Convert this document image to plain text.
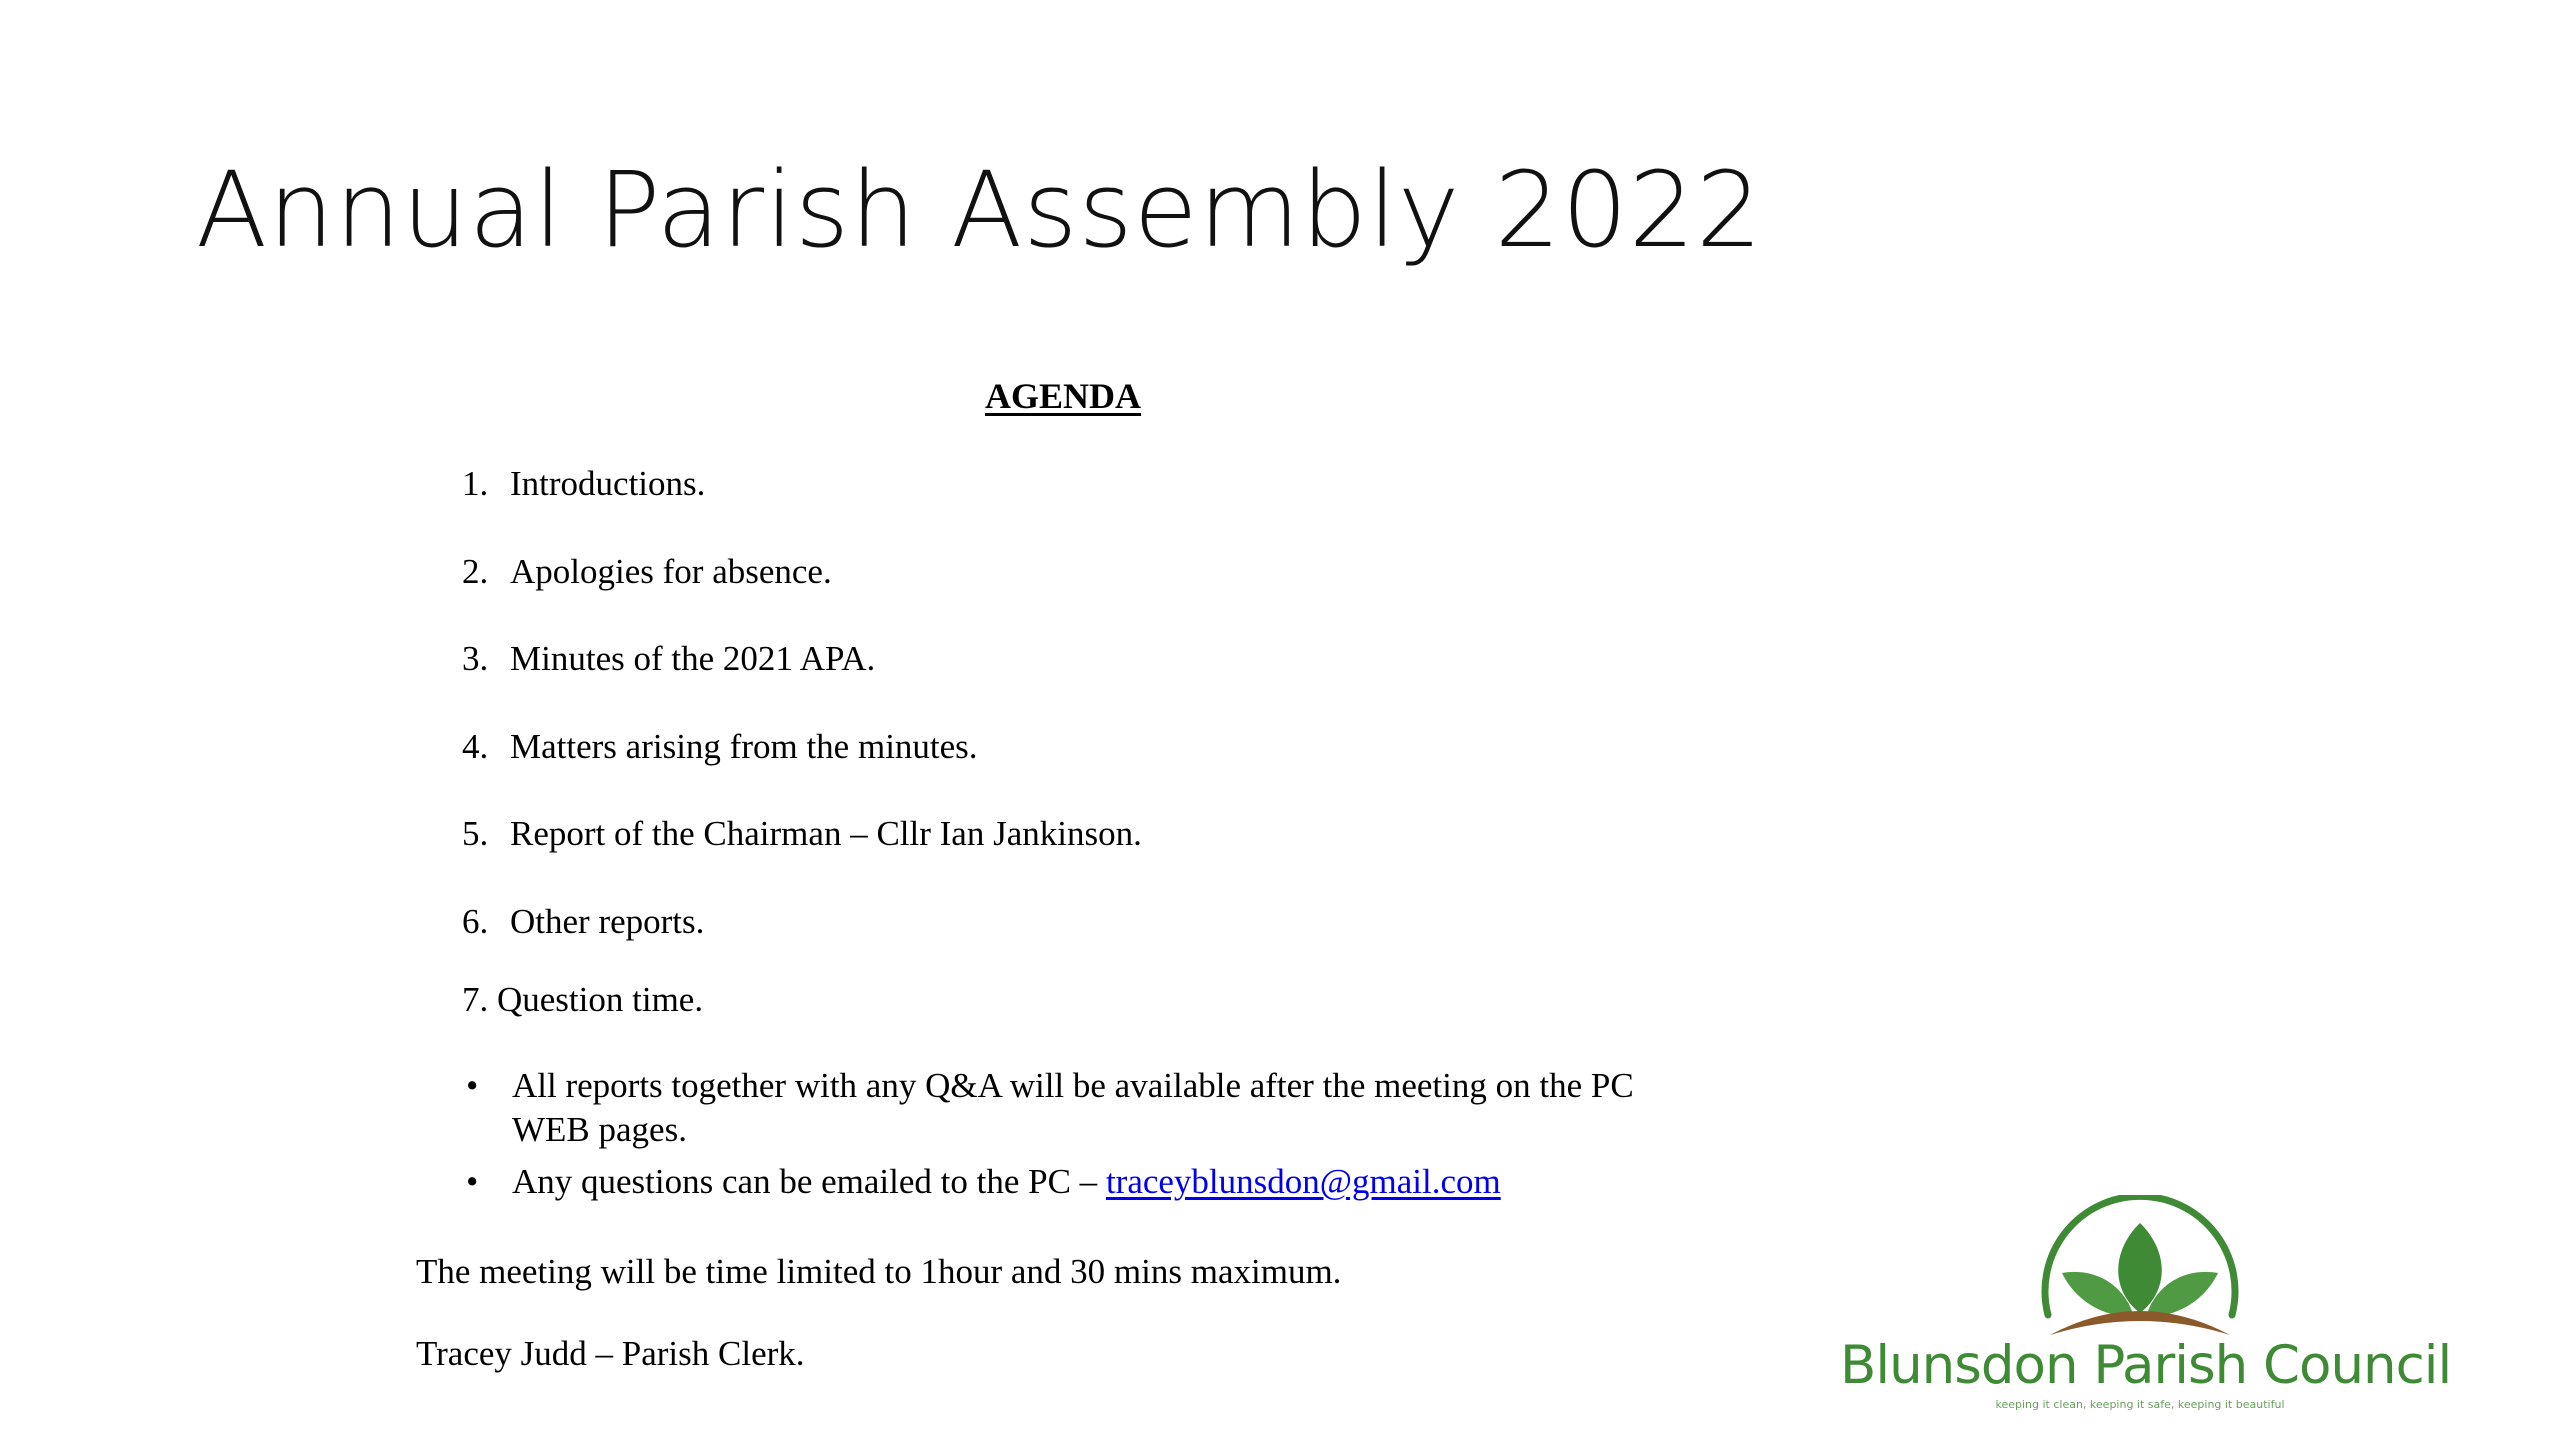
Annual Parish Assembly 2022
AGENDA
1. Introductions.
2. Apologies for absence.
3. Minutes of the 2021 APA.
4. Matters arising from the minutes.
5. Report of the Chairman – Cllr Ian Jankinson.
6. Other reports.
7. Question time.
• All reports together with any Q&A will be available after the meeting on the PC WEB pages.
• Any questions can be emailed to the PC – traceyblunsdon@gmail.com
The meeting will be time limited to 1hour and 30 mins maximum.
Tracey Judd – Parish Clerk.	Blunsdon Parish Council
keeping it clean, keeping it safe, keeping it beautiful
